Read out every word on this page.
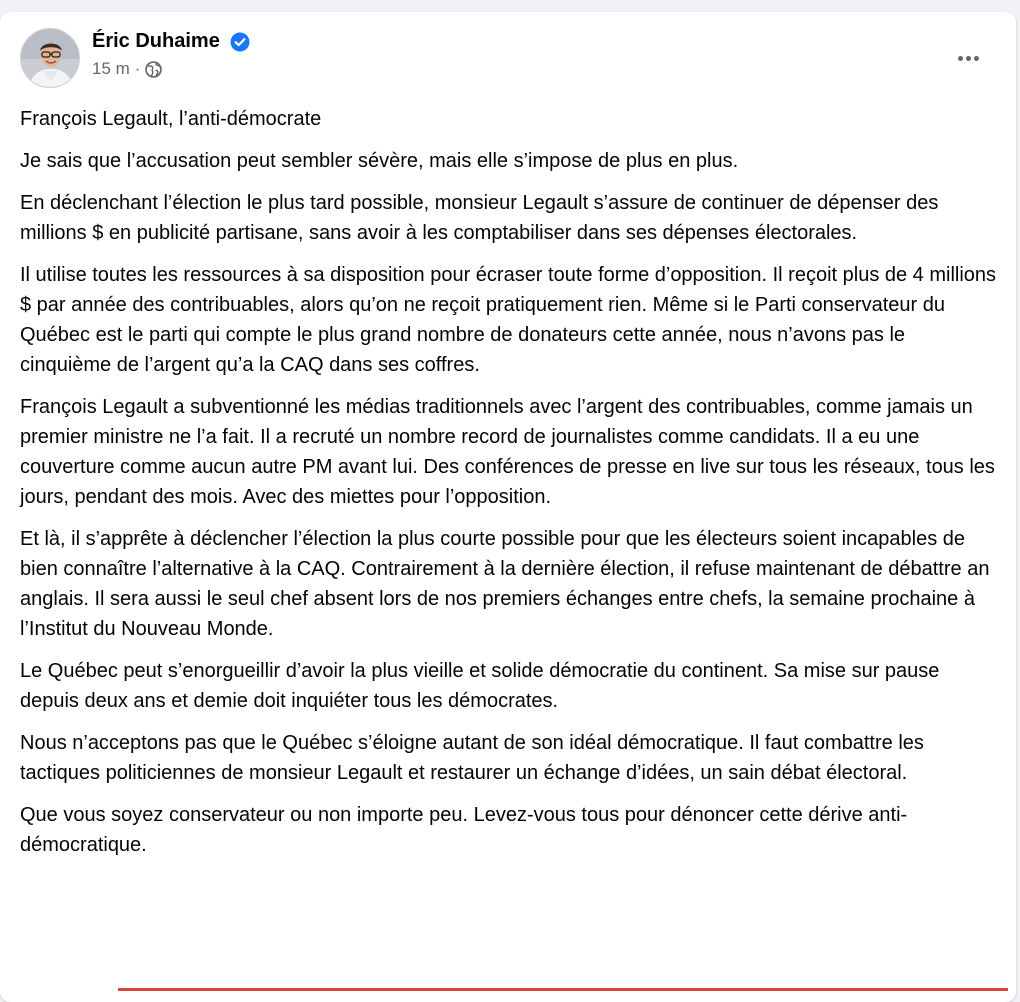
Éric Duhaime
15 m ·

François Legault, l’anti-démocrate

Je sais que l’accusation peut sembler sévère, mais elle s’impose de plus en plus.

En déclenchant l’élection le plus tard possible, monsieur Legault s’assure de continuer de dépenser des millions $ en publicité partisane, sans avoir à les comptabiliser dans ses dépenses électorales.

Il utilise toutes les ressources à sa disposition pour écraser toute forme d’opposition. Il reçoit plus de 4 millions $ par année des contribuables, alors qu’on ne reçoit pratiquement rien. Même si le Parti conservateur du Québec est le parti qui compte le plus grand nombre de donateurs cette année, nous n’avons pas le cinquième de l’argent qu’a la CAQ dans ses coffres.

François Legault a subventionné les médias traditionnels avec l’argent des contribuables, comme jamais un premier ministre ne l’a fait. Il a recruté un nombre record de journalistes comme candidats. Il a eu une couverture comme aucun autre PM avant lui. Des conférences de presse en live sur tous les réseaux, tous les jours, pendant des mois. Avec des miettes pour l’opposition.

Et là, il s’apprête à déclencher l’élection la plus courte possible pour que les électeurs soient incapables de bien connaître l’alternative à la CAQ. Contrairement à la dernière élection, il refuse maintenant de débattre an anglais. Il sera aussi le seul chef absent lors de nos premiers échanges entre chefs, la semaine prochaine à l’Institut du Nouveau Monde.

Le Québec peut s’enorgueillir d’avoir la plus vieille et solide démocratie du continent. Sa mise sur pause depuis deux ans et demie doit inquiéter tous les démocrates.

Nous n’acceptons pas que le Québec s’éloigne autant de son idéal démocratique. Il faut combattre les tactiques politiciennes de monsieur Legault et restaurer un échange d’idées, un sain débat électoral.

Que vous soyez conservateur ou non importe peu. Levez-vous tous pour dénoncer cette dérive anti-démocratique.
